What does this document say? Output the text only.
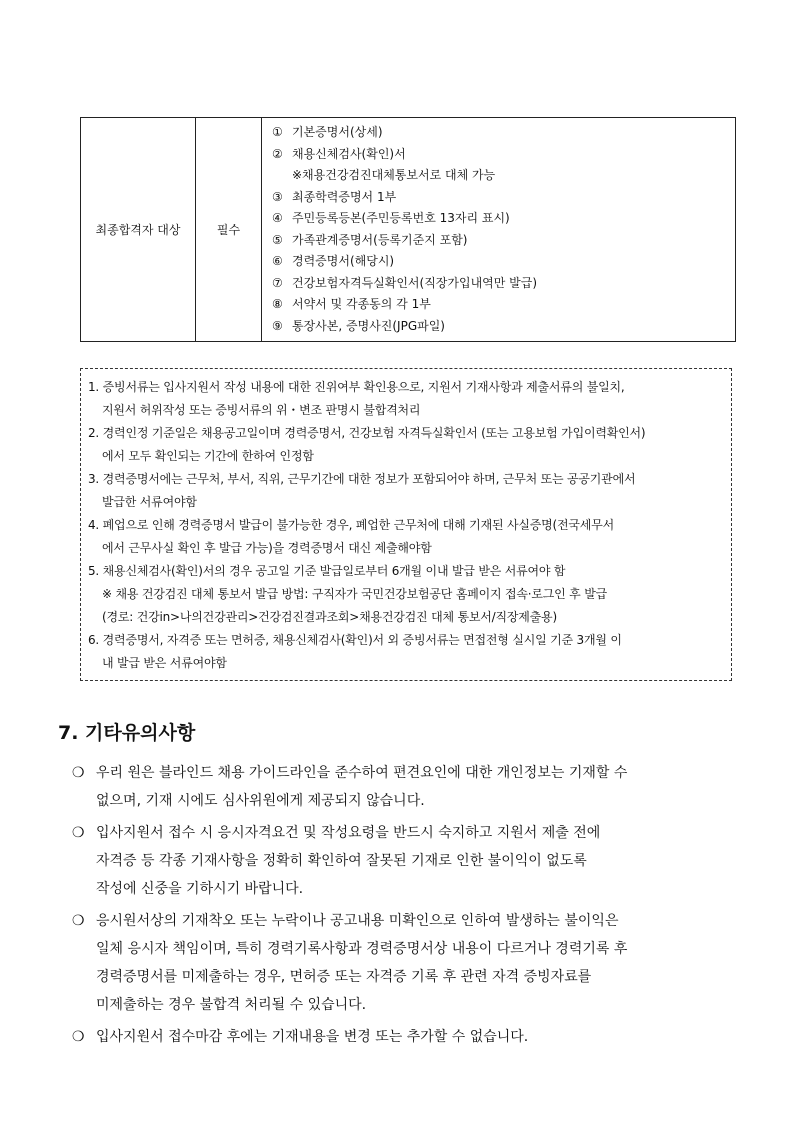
최종합격자 대상	필수	
① 기본증명서(상세)
② 채용신체검사(확인)서
※채용건강검진대체통보서로 대체 가능
③ 최종학력증명서 1부
④ 주민등록등본(주민등록번호 13자리 표시)
⑤ 가족관계증명서(등록기준지 포함)
⑥ 경력증명서(해당시)
⑦ 건강보험자격득실확인서(직장가입내역만 발급)
⑧ 서약서 및 각종동의 각 1부
⑨ 통장사본, 증명사진(JPG파일)
1. 증빙서류는 입사지원서 작성 내용에 대한 진위여부 확인용으로, 지원서 기재사항과 제출서류의 불일치,
지원서 허위작성 또는 증빙서류의 위・변조 판명시 불합격처리
2. 경력인정 기준일은 채용공고일이며 경력증명서, 건강보험 자격득실확인서 (또는 고용보험 가입이력확인서)
에서 모두 확인되는 기간에 한하여 인정함
3. 경력증명서에는 근무처, 부서, 직위, 근무기간에 대한 정보가 포함되어야 하며, 근무처 또는 공공기관에서
발급한 서류여야함
4. 폐업으로 인해 경력증명서 발급이 불가능한 경우, 폐업한 근무처에 대해 기재된 사실증명(전국세무서
에서 근무사실 확인 후 발급 가능)을 경력증명서 대신 제출해야함
5. 채용신체검사(확인)서의 경우 공고일 기준 발급일로부터 6개월 이내 발급 받은 서류여야 함
※ 채용 건강검진 대체 통보서 발급 방법: 구직자가 국민건강보험공단 홈페이지 접속·로그인 후 발급
(경로: 건강in>나의건강관리>건강검진결과조회>채용건강검진 대체 통보서/직장제출용)
6. 경력증명서, 자격증 또는 면허증, 채용신체검사(확인)서 외 증빙서류는 면접전형 실시일 기준 3개월 이
내 발급 받은 서류여야함
7. 기타유의사항
❍ 우리 원은 블라인드 채용 가이드라인을 준수하여 편견요인에 대한 개인정보는 기재할 수
없으며, 기재 시에도 심사위원에게 제공되지 않습니다.
❍ 입사지원서 접수 시 응시자격요건 및 작성요령을 반드시 숙지하고 지원서 제출 전에
자격증 등 각종 기재사항을 정확히 확인하여 잘못된 기재로 인한 불이익이 없도록
작성에 신중을 기하시기 바랍니다.
❍ 응시원서상의 기재착오 또는 누락이나 공고내용 미확인으로 인하여 발생하는 불이익은
일체 응시자 책임이며, 특히 경력기록사항과 경력증명서상 내용이 다르거나 경력기록 후
경력증명서를 미제출하는 경우, 면허증 또는 자격증 기록 후 관련 자격 증빙자료를
미제출하는 경우 불합격 처리될 수 있습니다.
❍ 입사지원서 접수마감 후에는 기재내용을 변경 또는 추가할 수 없습니다.
